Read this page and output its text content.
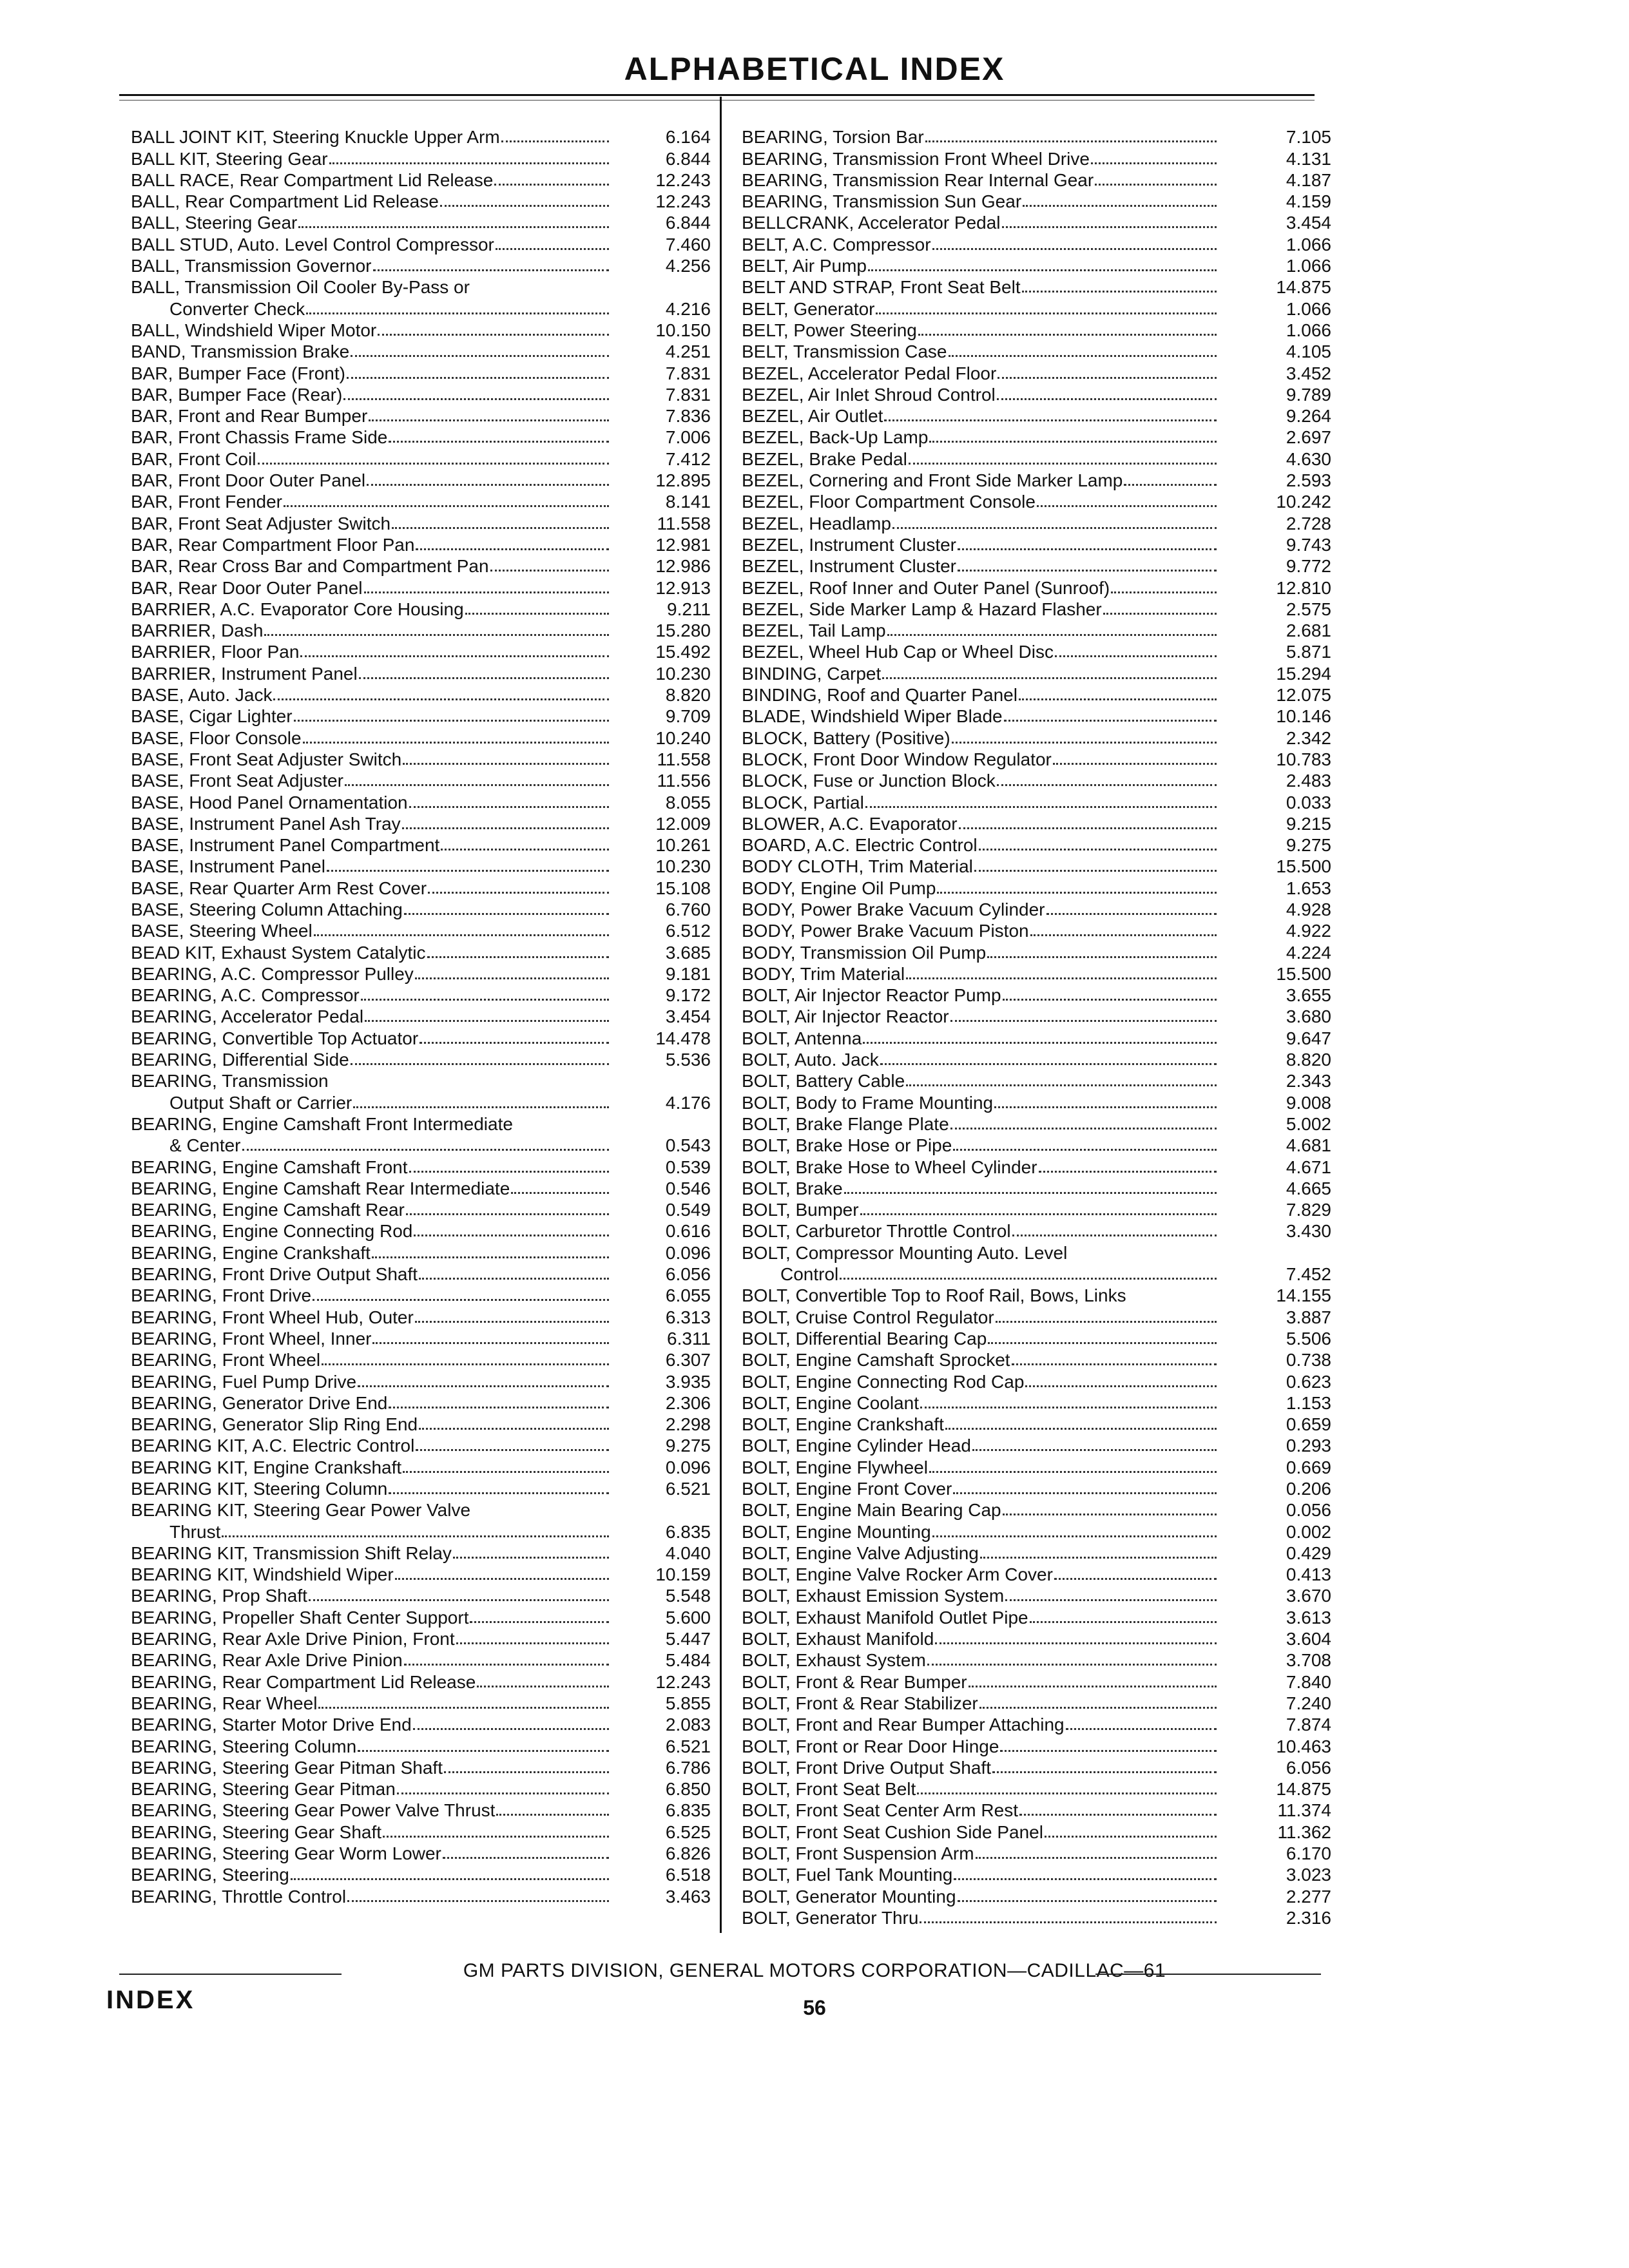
ALPHABETICAL INDEX
BALL JOINT KIT, Steering Knuckle Upper Arm	6.164
BALL KIT, Steering Gear	6.844
BALL RACE, Rear Compartment Lid Release	12.243
BALL, Rear Compartment Lid Release	12.243
BALL, Steering Gear	6.844
BALL STUD, Auto. Level Control Compressor	7.460
BALL, Transmission Governor	4.256
BALL, Transmission Oil Cooler By-Pass or
Converter Check	4.216
BALL, Windshield Wiper Motor	10.150
BAND, Transmission Brake	4.251
BAR, Bumper Face (Front)	7.831
BAR, Bumper Face (Rear)	7.831
BAR, Front and Rear Bumper	7.836
BAR, Front Chassis Frame Side	7.006
BAR, Front Coil	7.412
BAR, Front Door Outer Panel	12.895
BAR, Front Fender	8.141
BAR, Front Seat Adjuster Switch	11.558
BAR, Rear Compartment Floor Pan	12.981
BAR, Rear Cross Bar and Compartment Pan	12.986
BAR, Rear Door Outer Panel	12.913
BARRIER, A.C. Evaporator Core Housing	9.211
BARRIER, Dash	15.280
BARRIER, Floor Pan	15.492
BARRIER, Instrument Panel	10.230
BASE, Auto. Jack	8.820
BASE, Cigar Lighter	9.709
BASE, Floor Console	10.240
BASE, Front Seat Adjuster Switch	11.558
BASE, Front Seat Adjuster	11.556
BASE, Hood Panel Ornamentation	8.055
BASE, Instrument Panel Ash Tray	12.009
BASE, Instrument Panel Compartment	10.261
BASE, Instrument Panel	10.230
BASE, Rear Quarter Arm Rest Cover	15.108
BASE, Steering Column Attaching	6.760
BASE, Steering Wheel	6.512
BEAD KIT, Exhaust System Catalytic	3.685
BEARING, A.C. Compressor Pulley	9.181
BEARING, A.C. Compressor	9.172
BEARING, Accelerator Pedal	3.454
BEARING, Convertible Top Actuator	14.478
BEARING, Differential Side	5.536
BEARING, Transmission
Output Shaft or Carrier	4.176
BEARING, Engine Camshaft Front Intermediate
& Center	0.543
BEARING, Engine Camshaft Front	0.539
BEARING, Engine Camshaft Rear Intermediate	0.546
BEARING, Engine Camshaft Rear	0.549
BEARING, Engine Connecting Rod	0.616
BEARING, Engine Crankshaft	0.096
BEARING, Front Drive Output Shaft	6.056
BEARING, Front Drive	6.055
BEARING, Front Wheel Hub, Outer	6.313
BEARING, Front Wheel, Inner	6.311
BEARING, Front Wheel	6.307
BEARING, Fuel Pump Drive	3.935
BEARING, Generator Drive End	2.306
BEARING, Generator Slip Ring End	2.298
BEARING KIT, A.C. Electric Control	9.275
BEARING KIT, Engine Crankshaft	0.096
BEARING KIT, Steering Column	6.521
BEARING KIT, Steering Gear Power Valve
Thrust	6.835
BEARING KIT, Transmission Shift Relay	4.040
BEARING KIT, Windshield Wiper	10.159
BEARING, Prop Shaft	5.548
BEARING, Propeller Shaft Center Support	5.600
BEARING, Rear Axle Drive Pinion, Front	5.447
BEARING, Rear Axle Drive Pinion	5.484
BEARING, Rear Compartment Lid Release	12.243
BEARING, Rear Wheel	5.855
BEARING, Starter Motor Drive End	2.083
BEARING, Steering Column	6.521
BEARING, Steering Gear Pitman Shaft	6.786
BEARING, Steering Gear Pitman	6.850
BEARING, Steering Gear Power Valve Thrust	6.835
BEARING, Steering Gear Shaft	6.525
BEARING, Steering Gear Worm Lower	6.826
BEARING, Steering	6.518
BEARING, Throttle Control	3.463
BEARING, Torsion Bar	7.105
BEARING, Transmission Front Wheel Drive	4.131
BEARING, Transmission Rear Internal Gear	4.187
BEARING, Transmission Sun Gear	4.159
BELLCRANK, Accelerator Pedal	3.454
BELT, A.C. Compressor	1.066
BELT, Air Pump	1.066
BELT AND STRAP, Front Seat Belt	14.875
BELT, Generator	1.066
BELT, Power Steering	1.066
BELT, Transmission Case	4.105
BEZEL, Accelerator Pedal Floor	3.452
BEZEL, Air Inlet Shroud Control	9.789
BEZEL, Air Outlet	9.264
BEZEL, Back-Up Lamp	2.697
BEZEL, Brake Pedal	4.630
BEZEL, Cornering and Front Side Marker Lamp	2.593
BEZEL, Floor Compartment Console	10.242
BEZEL, Headlamp	2.728
BEZEL, Instrument Cluster	9.743
BEZEL, Instrument Cluster	9.772
BEZEL, Roof Inner and Outer Panel (Sunroof)	12.810
BEZEL, Side Marker Lamp & Hazard Flasher	2.575
BEZEL, Tail Lamp	2.681
BEZEL, Wheel Hub Cap or Wheel Disc	5.871
BINDING, Carpet	15.294
BINDING, Roof and Quarter Panel	12.075
BLADE, Windshield Wiper Blade	10.146
BLOCK, Battery (Positive)	2.342
BLOCK, Front Door Window Regulator	10.783
BLOCK, Fuse or Junction Block	2.483
BLOCK, Partial	0.033
BLOWER, A.C. Evaporator	9.215
BOARD, A.C. Electric Control	9.275
BODY CLOTH, Trim Material	15.500
BODY, Engine Oil Pump	1.653
BODY, Power Brake Vacuum Cylinder	4.928
BODY, Power Brake Vacuum Piston	4.922
BODY, Transmission Oil Pump	4.224
BODY, Trim Material	15.500
BOLT, Air Injector Reactor Pump	3.655
BOLT, Air Injector Reactor	3.680
BOLT, Antenna	9.647
BOLT, Auto. Jack	8.820
BOLT, Battery Cable	2.343
BOLT, Body to Frame Mounting	9.008
BOLT, Brake Flange Plate	5.002
BOLT, Brake Hose or Pipe	4.681
BOLT, Brake Hose to Wheel Cylinder	4.671
BOLT, Brake	4.665
BOLT, Bumper	7.829
BOLT, Carburetor Throttle Control	3.430
BOLT, Compressor Mounting Auto. Level
Control	7.452
BOLT, Convertible Top to Roof Rail, Bows, Links	14.155
BOLT, Cruise Control Regulator	3.887
BOLT, Differential Bearing Cap	5.506
BOLT, Engine Camshaft Sprocket	0.738
BOLT, Engine Connecting Rod Cap	0.623
BOLT, Engine Coolant	1.153
BOLT, Engine Crankshaft	0.659
BOLT, Engine Cylinder Head	0.293
BOLT, Engine Flywheel	0.669
BOLT, Engine Front Cover	0.206
BOLT, Engine Main Bearing Cap	0.056
BOLT, Engine Mounting	0.002
BOLT, Engine Valve Adjusting	0.429
BOLT, Engine Valve Rocker Arm Cover	0.413
BOLT, Exhaust Emission System	3.670
BOLT, Exhaust Manifold Outlet Pipe	3.613
BOLT, Exhaust Manifold	3.604
BOLT, Exhaust System	3.708
BOLT, Front & Rear Bumper	7.840
BOLT, Front & Rear Stabilizer	7.240
BOLT, Front and Rear Bumper Attaching	7.874
BOLT, Front or Rear Door Hinge	10.463
BOLT, Front Drive Output Shaft	6.056
BOLT, Front Seat Belt	14.875
BOLT, Front Seat Center Arm Rest	11.374
BOLT, Front Seat Cushion Side Panel	11.362
BOLT, Front Suspension Arm	6.170
BOLT, Fuel Tank Mounting	3.023
BOLT, Generator Mounting	2.277
BOLT, Generator Thru	2.316
GM PARTS DIVISION, GENERAL MOTORS CORPORATION—CADILLAC—61
INDEX	56
